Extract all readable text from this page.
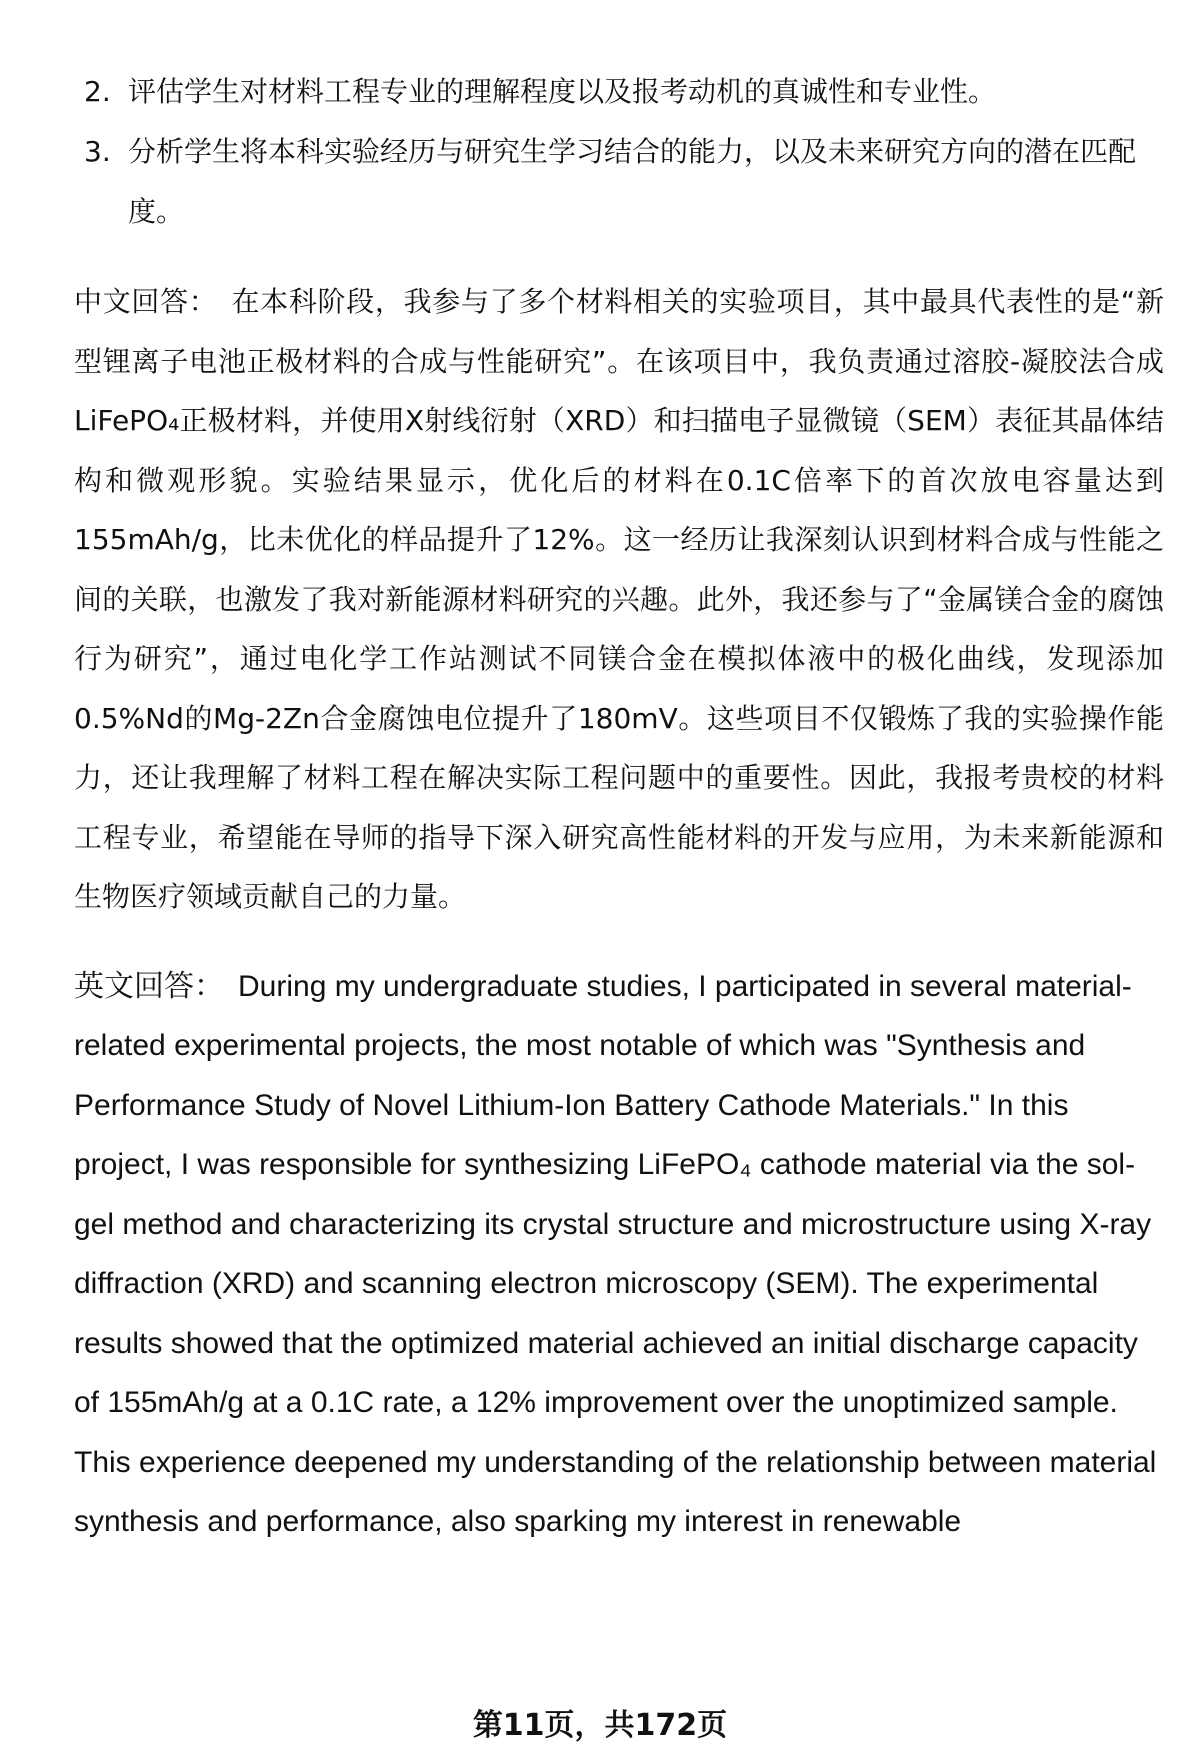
2. 评估学生对材料工程专业的理解程度以及报考动机的真诚性和专业性。
3. 分析学生将本科实验经历与研究生学习结合的能力，以及未来研究方向的潜在匹配度。

中文回答： 在本科阶段，我参与了多个材料相关的实验项目，其中最具代表性的是“新型锂离子电池正极材料的合成与性能研究”。在该项目中，我负责通过溶胶-凝胶法合成LiFePO₄正极材料，并使用X射线衍射（XRD）和扫描电子显微镜（SEM）表征其晶体结构和微观形貌。实验结果显示，优化后的材料在0.1C倍率下的首次放电容量达到155mAh/g，比未优化的样品提升了12%。这一经历让我深刻认识到材料合成与性能之间的关联，也激发了我对新能源材料研究的兴趣。此外，我还参与了“金属镁合金的腐蚀行为研究”，通过电化学工作站测试不同镁合金在模拟体液中的极化曲线，发现添加0.5%Nd的Mg-2Zn合金腐蚀电位提升了180mV。这些项目不仅锻炼了我的实验操作能力，还让我理解了材料工程在解决实际工程问题中的重要性。因此，我报考贵校的材料工程专业，希望能在导师的指导下深入研究高性能材料的开发与应用，为未来新能源和生物医疗领域贡献自己的力量。

英文回答： During my undergraduate studies, I participated in several material-related experimental projects, the most notable of which was "Synthesis and Performance Study of Novel Lithium-Ion Battery Cathode Materials." In this project, I was responsible for synthesizing LiFePO₄ cathode material via the sol-gel method and characterizing its crystal structure and microstructure using X-ray diffraction (XRD) and scanning electron microscopy (SEM). The experimental results showed that the optimized material achieved an initial discharge capacity of 155mAh/g at a 0.1C rate, a 12% improvement over the unoptimized sample. This experience deepened my understanding of the relationship between material synthesis and performance, also sparking my interest in renewable

第11页，共172页
